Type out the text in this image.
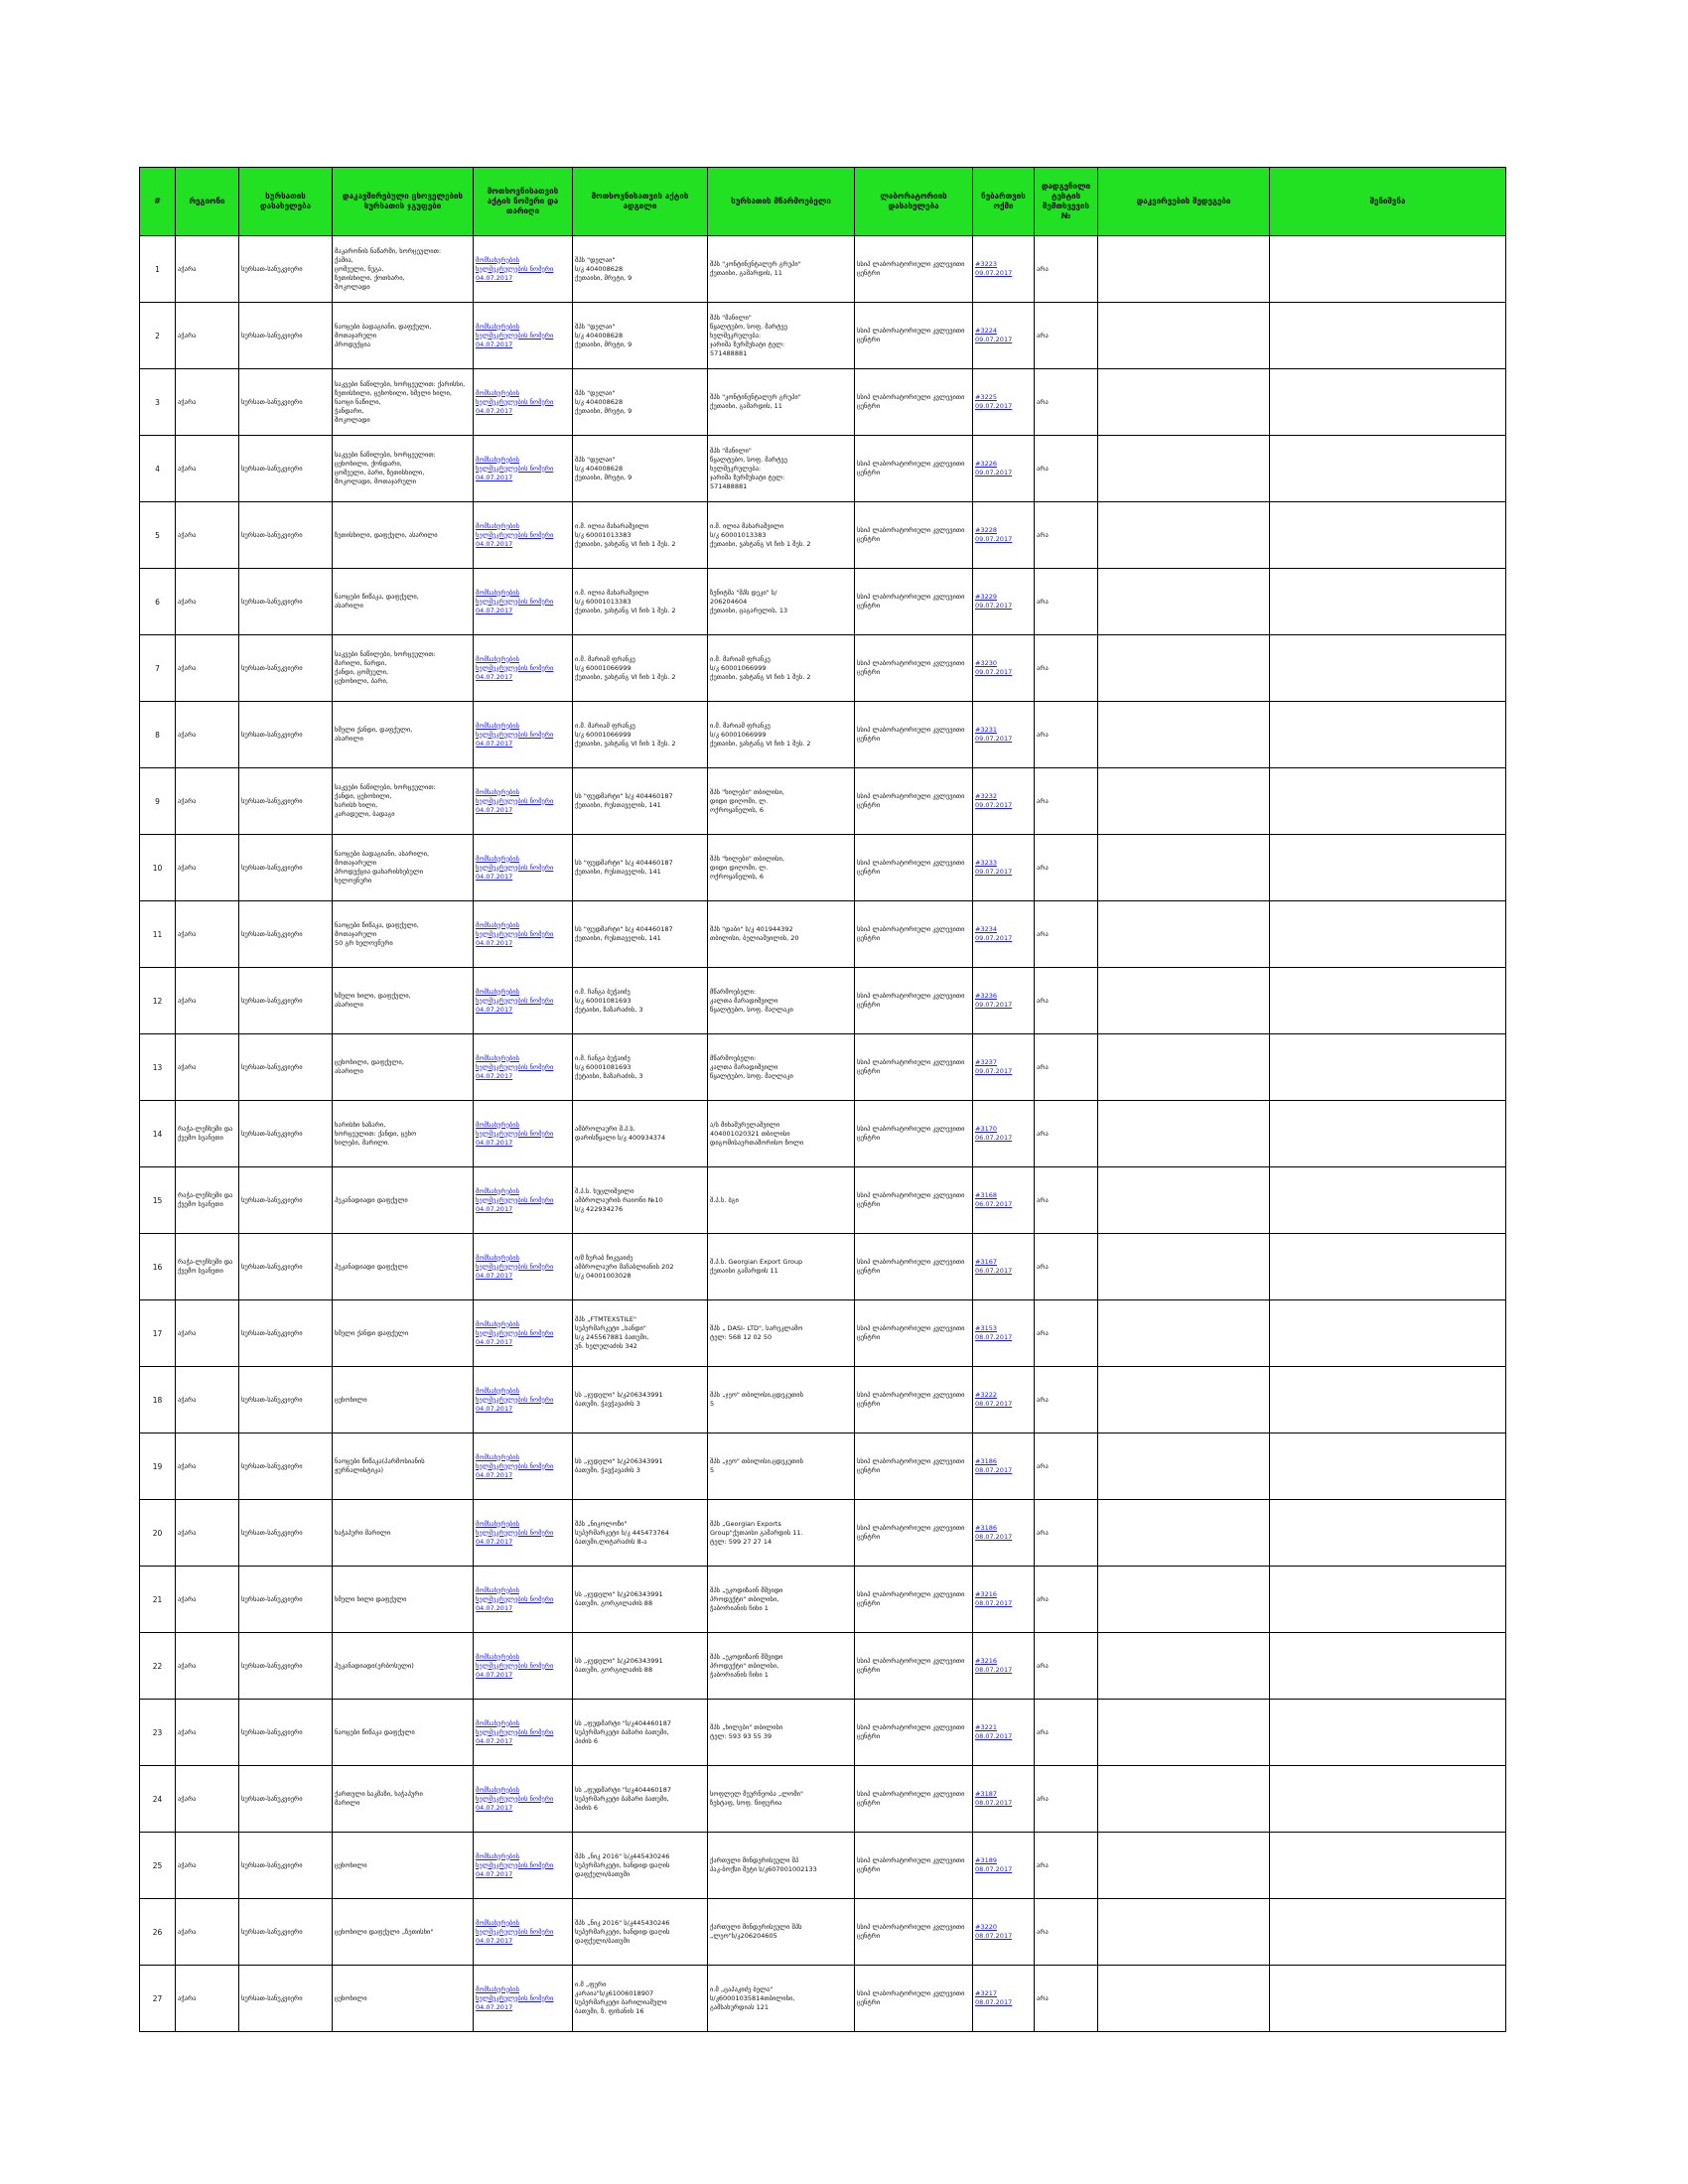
#	რეგიონი	სურსათის დასახელება	დაკავშირებული ცხოველების სურსათის ჯგუფები	მოთხოვნისათვის აქტის ნომერი და თარიღი	მოთხოვნისათვის აქტის ადგილი	სურსათის მწარმოებელი	ლაბორატორიის დასახელება	ნებართვის ოქმი	დადგენილი ტესტის შემთხვევის №	დაკვირვების შედეგები	შენიშვნა
1	აჭარა	სურსათ-სანუკვიერი	მაკარონის ნაწარმი, ხორცეულით:
ქაშია,
ცომეული, ნუგა,
ზეთისხილი, ქოთხარი,
შოკოლადი	მომსახურების ხელშეკრულების ნომერი
04.07.2017	შპს "დელაი"
ს/კ 404008628
ქუთაისი, მრეტი, 9	შპს "კონტინენტალურ გრუპი"
ქუთაისი, გამარდის, 11	სსიპ ლაბორატორიული კვლევითი ცენტრი	#3223
09.07.2017	არა		
2	აჭარა	სურსათ-სანუკვიერი	ნაოცები ბადაგიანი, დაფქული, მოთაჯარული
პროდუქცია	მომსახურების ხელშეკრულების ნომერი
04.07.2017	შპს "დელაი"
ს/კ 404008628
ქუთაისი, მრეტი, 9	შპს "მანილი"
წყალტუბო, სოფ. მარტვე
ხელშეკრულება:
ჯარიშა ზურმუხატი ტელ:
571488881	სსიპ ლაბორატორიული კვლევითი ცენტრი	#3224
09.07.2017	არა		
3	აჭარა	სურსათ-სანუკვიერი	საკვები ნაწილები, ხორცეულით: ქარისხი, ზეთისხილი, ცეხოხილი, ხმელი ხილი, ნაოცი ნაწილი,
ჭანდარი,
შოკოლადი	მომსახურების ხელშეკრულების ნომერი
04.07.2017	შპს "დელაი"
ს/კ 404008628
ქუთაისი, მრეტი, 9	შპს "კონტინენტალურ გრუპი"
ქუთაისი, გამარდის, 11	სსიპ ლაბორატორიული კვლევითი ცენტრი	#3225
09.07.2017	არა		
4	აჭარა	სურსათ-სანუკვიერი	საკვები ნაწილები, ხორცეულით:
ცეხოხილი, ქონდარი,
ცომეული, ბარი, ზეთისხილი,
შოკოლადი, მოთაჯარული	მომსახურების ხელშეკრულების ნომერი
04.07.2017	შპს "დელაი"
ს/კ 404008628
ქუთაისი, მრეტი, 9	შპს "მანილი"
წყალტუბო, სოფ. მარტვე
ხელშეკრულება:
ჯარიშა ზურმუხატი ტელ:
571488881	სსიპ ლაბორატორიული კვლევითი ცენტრი	#3226
09.07.2017	არა		
5	აჭარა	სურსათ-სანუკვიერი	ზეთისხილი, დაფქული, ასარილი	მომსახურების ხელშეკრულების ნომერი
04.07.2017	ი.მ. ილია მახარაშვილი
ს/კ 60001013383
ქუთაისი, ვახტანგ VI ჩიხ 1 შეს. 2	ი.მ. ილია მახარაშვილი
ს/კ 60001013383
ქუთაისი, ვახტანგ VI ჩიხ 1 შეს. 2	სსიპ ლაბორატორიული კვლევითი ცენტრი	#3228
09.07.2017	არა		
6	აჭარა	სურსათ-სანუკვიერი	ნაოცები წიწაკა, დაფქული,
ასარილი	მომსახურების ხელშეკრულების ნომერი
04.07.2017	ი.მ. ილია მახარაშვილი
ს/კ 60001013383
ქუთაისი, ვახტანგ VI ჩიხ 1 შეს. 2	ზენიტმა "შპს დეკი" ს/
206204604
ქუთაისი, ცაგარელის, 13	სსიპ ლაბორატორიული კვლევითი ცენტრი	#3229
09.07.2017	არა		
7	აჭარა	სურსათ-სანუკვიერი	საკვები ნაწილები, ხორცეულით:
მარილი, ნარდი,
ქანდი, ცომეული,
ცეხოხილი, ბარი,	მომსახურების ხელშეკრულების ნომერი
04.07.2017	ი.მ. მარიამ ფრანკე
ს/კ 60001066999
ქუთაისი, ვახტანგ VI ჩიხ 1 შეს. 2	ი.მ. მარიამ ფრანკე
ს/კ 60001066999
ქუთაისი, ვახტანგ VI ჩიხ 1 შეს. 2	სსიპ ლაბორატორიული კვლევითი ცენტრი	#3230
09.07.2017	არა		
8	აჭარა	სურსათ-სანუკვიერი	ხმელი ქანდი, დაფქული,
ასარილი	მომსახურების ხელშეკრულების ნომერი
04.07.2017	ი.მ. მარიამ ფრანკე
ს/კ 60001066999
ქუთაისი, ვახტანგ VI ჩიხ 1 შეს. 2	ი.მ. მარიამ ფრანკე
ს/კ 60001066999
ქუთაისი, ვახტანგ VI ჩიხ 1 შეს. 2	სსიპ ლაბორატორიული კვლევითი ცენტრი	#3231
09.07.2017	არა		
9	აჭარა	სურსათ-სანუკვიერი	საკვები ნაწილები, ხორცეულით:
ქანდი, ცეხოხილი,
ხარისხ ხილი,
კარადული, ბადაგი	მომსახურების ხელშეკრულების ნომერი
04.07.2017	სს "ფუდმარტი" ს/კ 404460187
ქუთაისი, რუსთაველის, 141	შპს "ხილები" თბილისი,
დიდი დიღომი, ლ.
ოქროყანელის, 6	სსიპ ლაბორატორიული კვლევითი ცენტრი	#3232
09.07.2017	არა		
10	აჭარა	სურსათ-სანუკვიერი	ნაოცები ბადაგიანი, ასარილი,
მოთაჯარული
პროდუქცია დახარისხებული
ხელოვნური	მომსახურების ხელშეკრულების ნომერი
04.07.2017	სს "ფუდმარტი" ს/კ 404460187
ქუთაისი, რუსთაველის, 141	შპს "ხილები" თბილისი,
დიდი დიღომი, ლ.
ოქროყანელის, 6	სსიპ ლაბორატორიული კვლევითი ცენტრი	#3233
09.07.2017	არა		
11	აჭარა	სურსათ-სანუკვიერი	ნაოცები წიწაკა, დაფქული,
მოთაჯარული
50 გრ ხელოვნური	მომსახურების ხელშეკრულების ნომერი
04.07.2017	სს "ფუდმარტი" ს/კ 404460187
ქუთაისი, რუსთაველის, 141	შპს "დაბი" ს/კ 401944392
თბილისი, ბელიაშვილის, 20	სსიპ ლაბორატორიული კვლევითი ცენტრი	#3234
09.07.2017	არა		
12	აჭარა	სურსათ-სანუკვიერი	ხმელი ხილი, დაფქული,
ასარილი	მომსახურების ხელშეკრულების ნომერი
04.07.2017	ი.მ. ჩანგა ბუჭაიძე
ს/კ 60001081693
ქუტაისი, ზაზარაძის, 3	მწარმოებელი:
კალთა მარადიშვილი
წყალტუბო, სოფ. მაღლაკი	სსიპ ლაბორატორიული კვლევითი ცენტრი	#3236
09.07.2017	არა		
13	აჭარა	სურსათ-სანუკვიერი	ცეხოხილი, დაფქული,
ასარილი	მომსახურების ხელშეკრულების ნომერი
04.07.2017	ი.მ. ჩანგა ბუჭაიძე
ს/კ 60001081693
ქუტაისი, ზაზარაძის, 3	მწარმოებელი:
კალთა მარადიშვილი
წყალტუბო, სოფ. მაღლაკი	სსიპ ლაბორატორიული კვლევითი ცენტრი	#3237
09.07.2017	არა		
14	რაჭა-ლეჩხუმი და ქვემო სვანეთი	სურსათ-სანუკვიერი	ხარისხი ხაზარი,
ხორცეულით: ქანდი, ცეხო
ხილები, მარილი.	მომსახურების ხელშეკრულების ნომერი
04.07.2017	ამბროლაური შ.პ.ს.
დარისწყალი ს/კ 400934374	ა/ს მიხაშურელაშვილი
404001020321 თბილისი
დიგომისაერთაშორისო ზოლი	სსიპ ლაბორატორიული კვლევითი ცენტრი	#3170
06.07.2017	არა		
15	რაჭა-ლეჩხუმი და ქვემო სვანეთი	სურსათ-სანუკვიერი	ჰუკანადიადი დაფქული	მომსახურების ხელშეკრულების ნომერი
04.07.2017	შ.პ.ს. ხუცლიშვილი
ამბროლაურის რაიონი №10
ს/კ 422934276	შ.პ.ს. ბგი	სსიპ ლაბორატორიული კვლევითი ცენტრი	#3168
06.07.2017	არა		
16	რაჭა-ლეჩხუმი და ქვემო სვანეთი	სურსათ-სანუკვიერი	ჰუკანადიადი დაფქული	მომსახურების ხელშეკრულების ნომერი
04.07.2017	ი/მ ზურაბ ჩიკვაიძე
ამბროლაური მაჩაბლიანის 202
ს/კ 04001003028	შ.პ.ს. Georgian Export Group
ქუთაისი გამარდის 11	სსიპ ლაბორატორიული კვლევითი ცენტრი	#3167
06.07.2017	არა		
17	აჭარა	სურსათ-სანუკვიერი	ხმელი ქანდი დაფქული	მომსახურების ხელშეკრულების ნომერი
04.07.2017	შპს „FTMTEXSTILE"
სუპერმარკეტი „ხანდი"
ს/კ 245567881 ბათუმი,
უნ. ხელულაძის 342	შპს „ DASI- LTD", სარეკლამო
ტელ: 568 12 02 50	სსიპ ლაბორატორიული კვლევითი ცენტრი	#3153
08.07.2017	არა		
18	აჭარა	სურსათ-სანუკვიერი	ცეხოხილი	მომსახურების ხელშეკრულების ნომერი
04.07.2017	სს „ჯუდელი" ს/კ206343991
ბათუმი, ჭავჭავაძის 3	შპს „ჯეო" თბილისი,ცდეკუთის
5	სსიპ ლაბორატორიული კვლევითი ცენტრი	#3222
08.07.2017	არა		
19	აჭარა	სურსათ-სანუკვიერი	ნაოცები წიწაკა(პარმოსიანის
ჟურნალისტიკა)	მომსახურების ხელშეკრულების ნომერი
04.07.2017	სს „ჯუდელი" ს/კ206343991
ბათუმი, ჭავჭავაძის 3	შპს „ჯეო" თბილისი,ცდეკუთის
5	სსიპ ლაბორატორიული კვლევითი ცენტრი	#3186
08.07.2017	არა		
20	აჭარა	სურსათ-სანუკვიერი	ხაჭაპური მარილი	მომსახურების ხელშეკრულების ნომერი
04.07.2017	შპს „ნიკოლოზი"
სუპერმარკეტი ს/კ 445473764
ბათუმი,ლიტარაძის 8-ა	შპს „Georgian Exports
Group"ქუთაისი გამარდის 11.
ტელ: 599 27 27 14	სსიპ ლაბორატორიული კვლევითი ცენტრი	#3186
08.07.2017	არა		
21	აჭარა	სურსათ-სანუკვიერი	ხმელი ხილი დაფქული	მომსახურების ხელშეკრულების ნომერი
04.07.2017	სს „ჯუდელი" ს/კ206343991
ბათუმი, გორგილაძის 88	შპს „ეკოდიზაინ მშვიდი
პროდუქტი" თბილისი,
ჭაბორიანის ჩიხი 1	სსიპ ლაბორატორიული კვლევითი ცენტრი	#3216
08.07.2017	არა		
22	აჭარა	სურსათ-სანუკვიერი	ჰუკანადიადი(ერბოსული)	მომსახურების ხელშეკრულების ნომერი
04.07.2017	სს „ჯუდელი" ს/კ206343991
ბათუმი, გორგილაძის 88	შპს „ეკოდიზაინ მშვიდი
პროდუქტი" თბილისი,
ჭაბორიანის ჩიხი 1	სსიპ ლაბორატორიული კვლევითი ცენტრი	#3216
08.07.2017	არა		
23	აჭარა	სურსათ-სანუკვიერი	ნაოცები წიწაკა დაფქული	მომსახურების ხელშეკრულების ნომერი
04.07.2017	სს „ფუდმარტი "ს/კ404460187
სუპერმარკეტი ბაზარი ბათუმი,
პიძის 6	შპს „ხილები" თბილისი
ტელ: 593 93 55 39	სსიპ ლაბორატორიული კვლევითი ცენტრი	#3221
08.07.2017	არა		
24	აჭარა	სურსათ-სანუკვიერი	ქართული საკმაზი, ხაჭაპური
მარილი	მომსახურების ხელშეკრულების ნომერი
04.07.2017	სს „ფუდმარტი "ს/კ404460187
სუპერმარკეტი ბაზარი ბათუმი,
პიძის 6	სოფლელ მეურნეობა „ლომი"
ზესტაფ, სოფ. წიფურია	სსიპ ლაბორატორიული კვლევითი ცენტრი	#3187
08.07.2017	არა		
25	აჭარა	სურსათ-სანუკვიერი	ცეხოხილი	მომსახურების ხელშეკრულების ნომერი
04.07.2017	შპს „ნიკ 2016" ს/კ445430246
სუპერმარკეტი, ხანდიდ დაღის
დაფქული/ბათუმი	ქართული მინდერისეული შპ
პაკ-ბოქსი შეტი ს/კ607001002133	სსიპ ლაბორატორიული კვლევითი ცენტრი	#3189
08.07.2017	არა		
26	აჭარა	სურსათ-სანუკვიერი	ცეხოხილი დაფქული „ზეთისხი"	მომსახურების ხელშეკრულების ნომერი
04.07.2017	შპს „ნიკ 2016" ს/კ445430246
სუპერმარკეტი, ხანდიდ დაღის
დაფქული/ბათუმი	ქართული მინდერისეული შპს
„ლეო"ს/კ206204605	სსიპ ლაბორატორიული კვლევითი ცენტრი	#3220
08.07.2017	არა		
27	აჭარა	სურსათ-სანუკვიერი	ცეხოხილი	მომსახურების ხელშეკრულების ნომერი
04.07.2017	ი.მ „ფერი
კარაია"ს/კ61006018907
სუპერმარკეტი ბარილიამული
ბათუმი, ზ. ფიხანის 16	ი.მ „ცაპაკიძე ბელა"
ს/კ60001035814თბილისი,
გამსახურდიას 121	სსიპ ლაბორატორიული კვლევითი ცენტრი	#3217
08.07.2017	არა		
